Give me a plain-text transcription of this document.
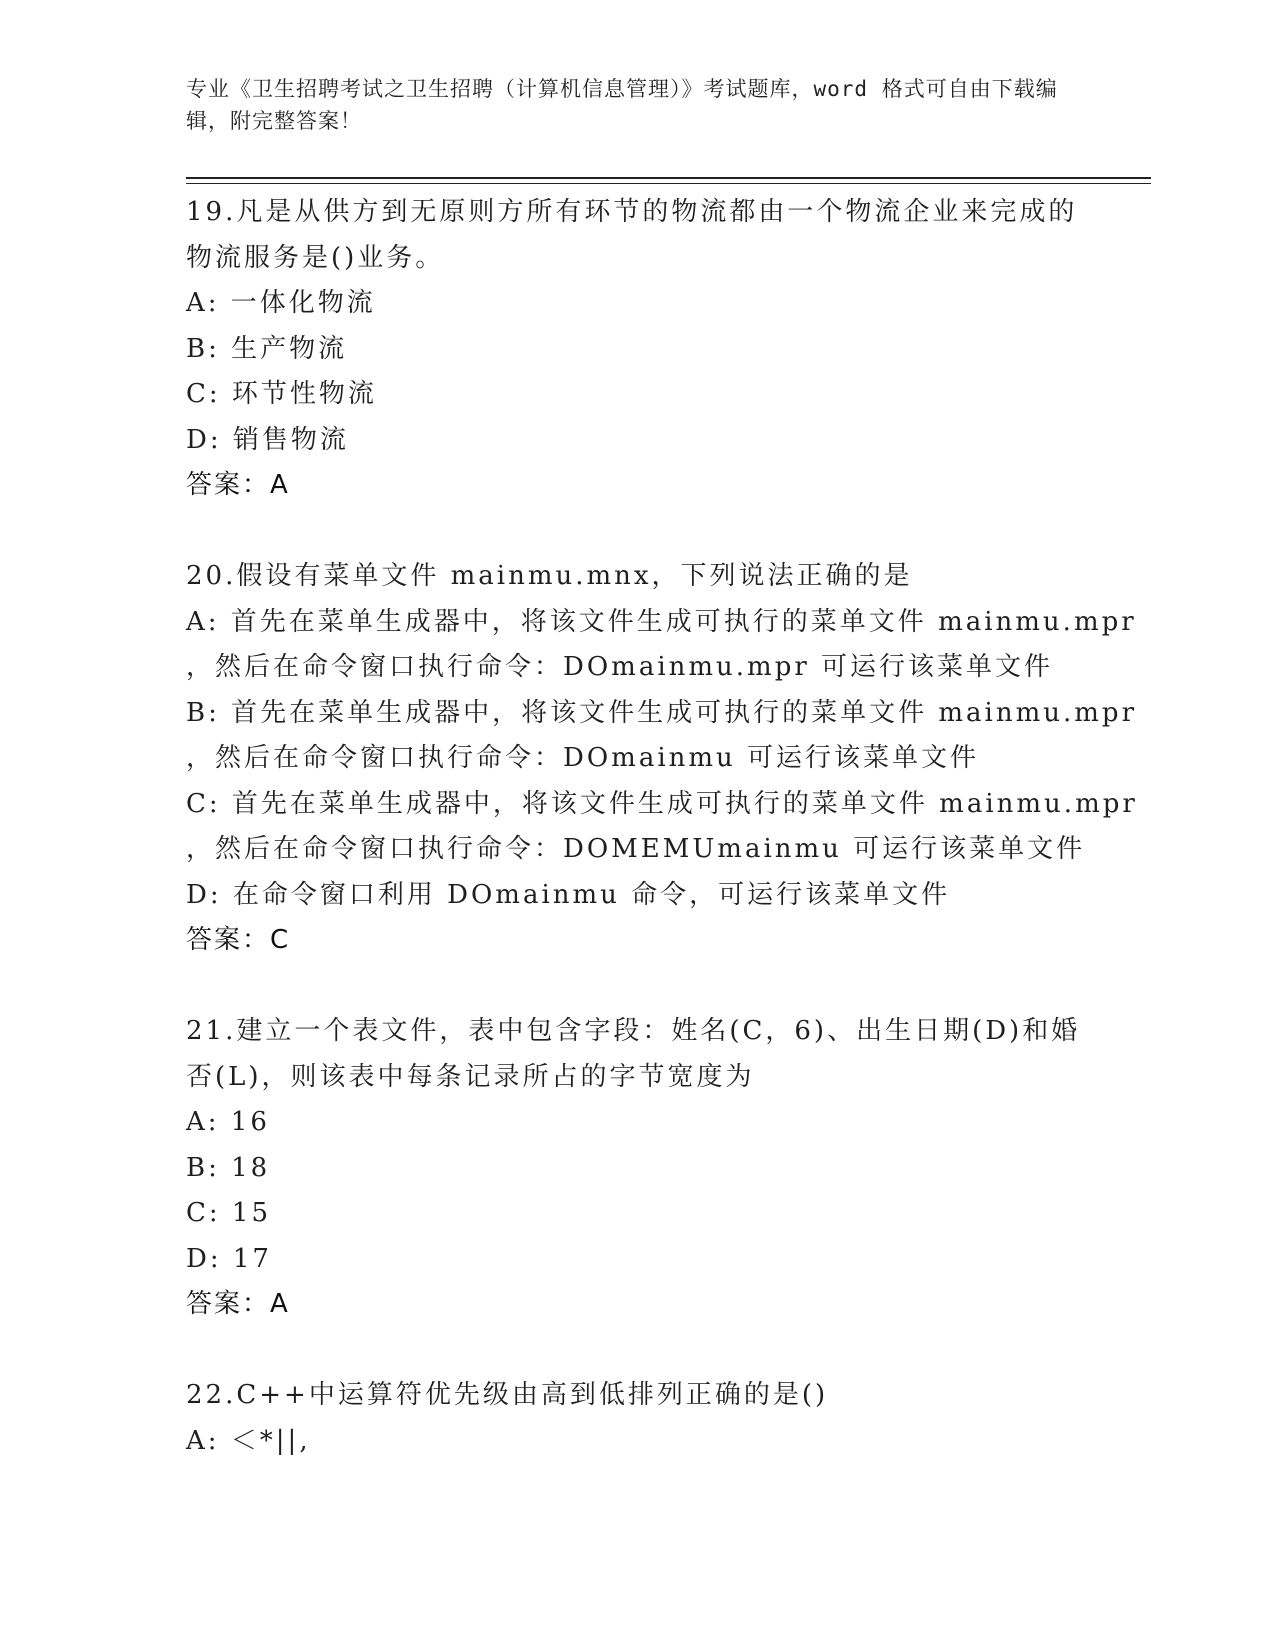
专业《卫生招聘考试之卫生招聘（计算机信息管理）》考试题库，word 格式可自由下载编辑，附完整答案！
19.凡是从供方到无原则方所有环节的物流都由一个物流企业来完成的物流服务是()业务。
A: 一体化物流
B: 生产物流
C: 环节性物流
D: 销售物流
答案：A
20.假设有菜单文件 mainmu.mnx，下列说法正确的是
A: 首先在菜单生成器中，将该文件生成可执行的菜单文件 mainmu.mpr
，然后在命令窗口执行命令：DOmainmu.mpr 可运行该菜单文件
B: 首先在菜单生成器中，将该文件生成可执行的菜单文件 mainmu.mpr
，然后在命令窗口执行命令：DOmainmu 可运行该菜单文件
C: 首先在菜单生成器中，将该文件生成可执行的菜单文件 mainmu.mpr
，然后在命令窗口执行命令：DOMEMUmainmu 可运行该菜单文件
D: 在命令窗口利用 DOmainmu 命令，可运行该菜单文件
答案：C
21.建立一个表文件，表中包含字段：姓名(C，6)、出生日期(D)和婚否(L)，则该表中每条记录所占的字节宽度为
A: 16
B: 18
C: 15
D: 17
答案：A
22.C++中运算符优先级由高到低排列正确的是()
A: ＜*||,
